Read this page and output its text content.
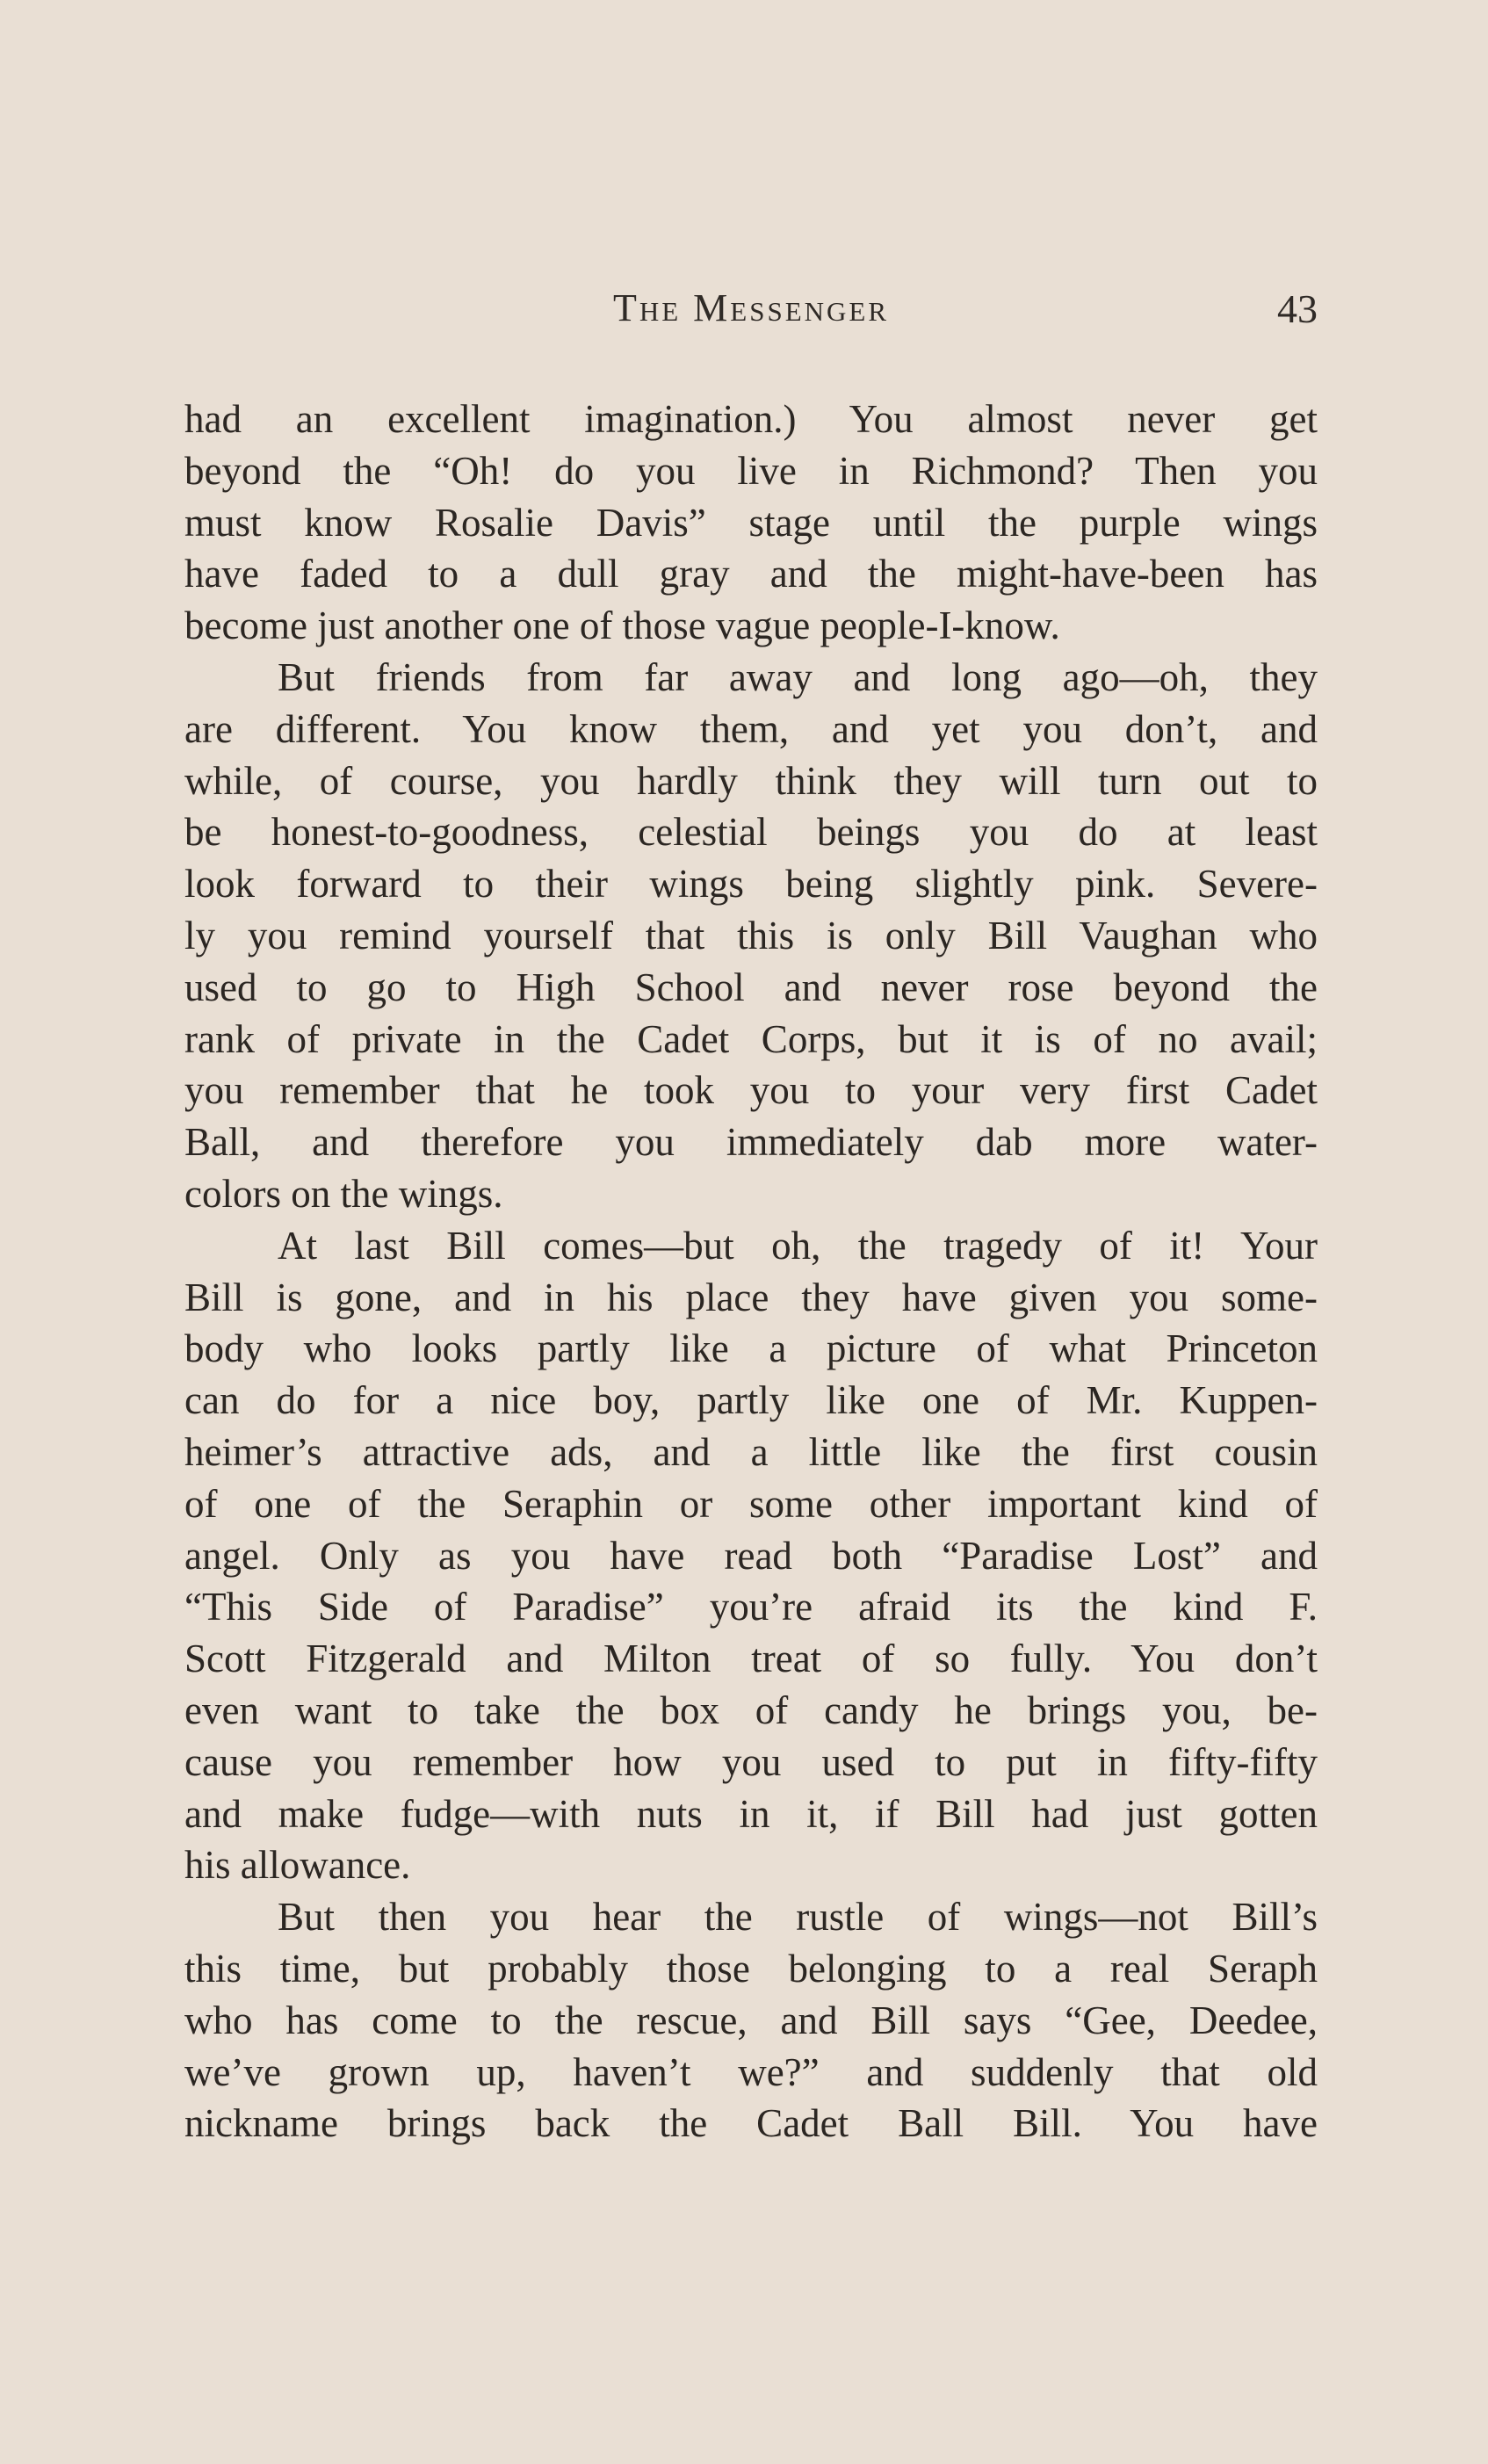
The Messenger	43
had an excellent imagination.) You almost never get
beyond the “Oh! do you live in Richmond? Then you
must know Rosalie Davis” stage until the purple wings
have faded to a dull gray and the might-have-been has
become just another one of those vague people-I-know.
But friends from far away and long ago—oh, they
are different. You know them, and yet you don’t, and
while, of course, you hardly think they will turn out to
be honest-to-goodness, celestial beings you do at least
look forward to their wings being slightly pink. Severe-
ly you remind yourself that this is only Bill Vaughan who
used to go to High School and never rose beyond the
rank of private in the Cadet Corps, but it is of no avail;
you remember that he took you to your very first Cadet
Ball, and therefore you immediately dab more water-
colors on the wings.
At last Bill comes—but oh, the tragedy of it! Your
Bill is gone, and in his place they have given you some-
body who looks partly like a picture of what Princeton
can do for a nice boy, partly like one of Mr. Kuppen-
heimer’s attractive ads, and a little like the first cousin
of one of the Seraphin or some other important kind of
angel. Only as you have read both “Paradise Lost” and
“This Side of Paradise” you’re afraid its the kind F.
Scott Fitzgerald and Milton treat of so fully. You don’t
even want to take the box of candy he brings you, be-
cause you remember how you used to put in fifty-fifty
and make fudge—with nuts in it, if Bill had just gotten
his allowance.
But then you hear the rustle of wings—not Bill’s
this time, but probably those belonging to a real Seraph
who has come to the rescue, and Bill says “Gee, Deedee,
we’ve grown up, haven’t we?” and suddenly that old
nickname brings back the Cadet Ball Bill. You have
